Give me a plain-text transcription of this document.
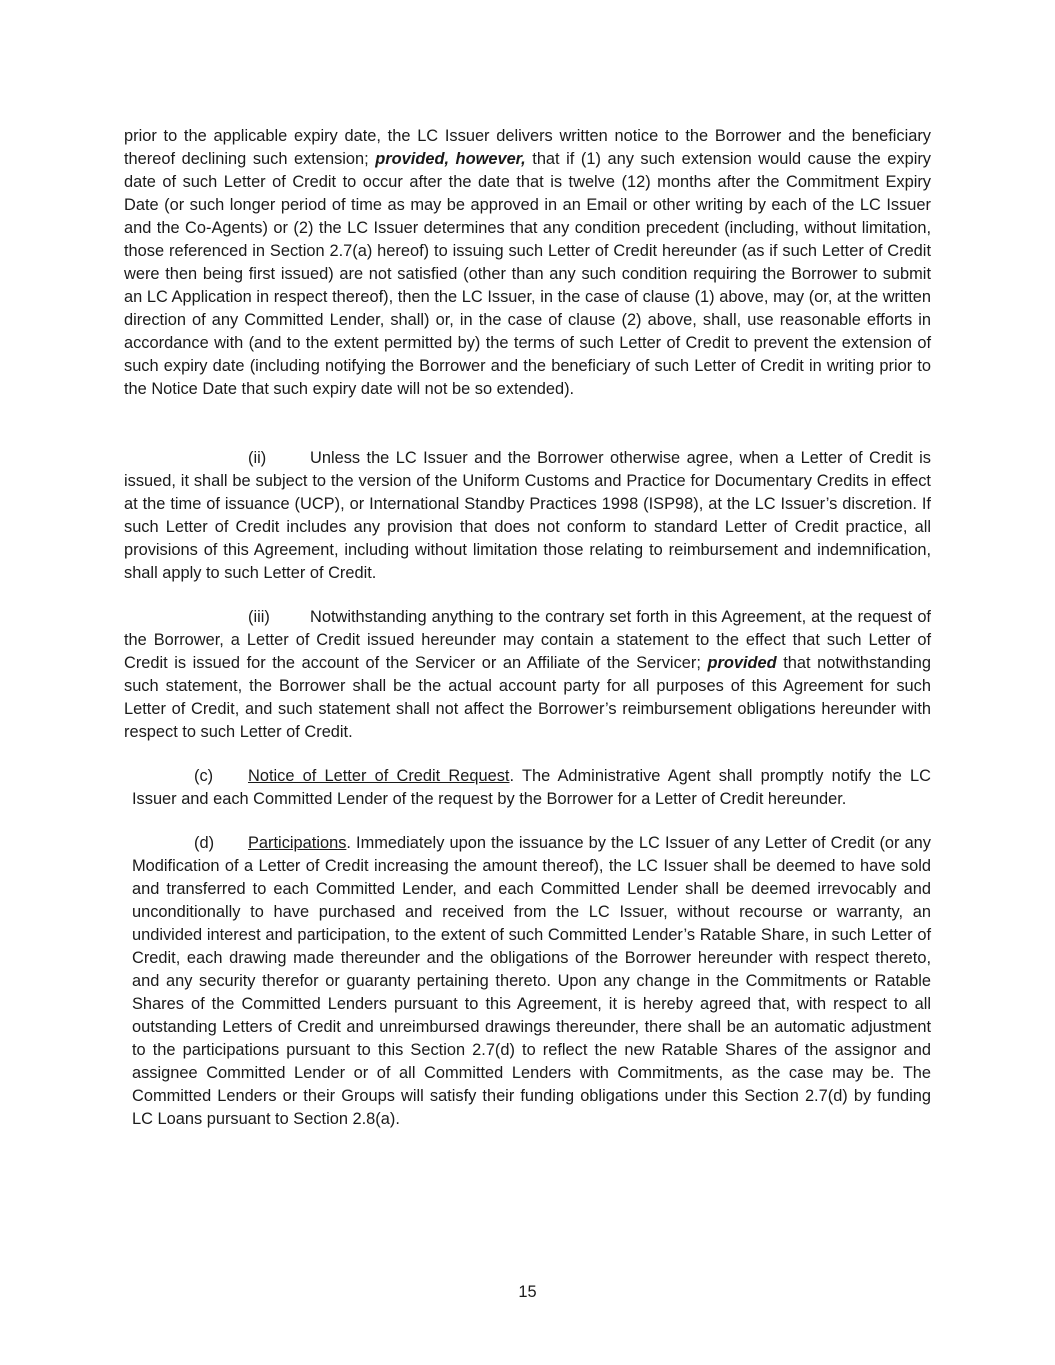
prior to the applicable expiry date, the LC Issuer delivers written notice to the Borrower and the beneficiary thereof declining such extension; provided, however, that if (1) any such extension would cause the expiry date of such Letter of Credit to occur after the date that is twelve (12) months after the Commitment Expiry Date (or such longer period of time as may be approved in an Email or other writing by each of the LC Issuer and the Co-Agents) or (2) the LC Issuer determines that any condition precedent (including, without limitation, those referenced in Section 2.7(a) hereof) to issuing such Letter of Credit hereunder (as if such Letter of Credit were then being first issued) are not satisfied (other than any such condition requiring the Borrower to submit an LC Application in respect thereof), then the LC Issuer, in the case of clause (1) above, may (or, at the written direction of any Committed Lender, shall) or, in the case of clause (2) above, shall, use reasonable efforts in accordance with (and to the extent permitted by) the terms of such Letter of Credit to prevent the extension of such expiry date (including notifying the Borrower and the beneficiary of such Letter of Credit in writing prior to the Notice Date that such expiry date will not be so extended).

(ii)	Unless the LC Issuer and the Borrower otherwise agree, when a Letter of Credit is issued, it shall be subject to the version of the Uniform Customs and Practice for Documentary Credits in effect at the time of issuance (UCP), or International Standby Practices 1998 (ISP98), at the LC Issuer’s discretion. If such Letter of Credit includes any provision that does not conform to standard Letter of Credit practice, all provisions of this Agreement, including without limitation those relating to reimbursement and indemnification, shall apply to such Letter of Credit.

(iii) Notwithstanding anything to the contrary set forth in this Agreement, at the request of the Borrower, a Letter of Credit issued hereunder may contain a statement to the effect that such Letter of Credit is issued for the account of the Servicer or an Affiliate of the Servicer; provided that notwithstanding such statement, the Borrower shall be the actual account party for all purposes of this Agreement for such Letter of Credit, and such statement shall not affect the Borrower’s reimbursement obligations hereunder with respect to such Letter of Credit.

(c) Notice of Letter of Credit Request. The Administrative Agent shall promptly notify the LC Issuer and each Committed Lender of the request by the Borrower for a Letter of Credit hereunder.

(d) Participations. Immediately upon the issuance by the LC Issuer of any Letter of Credit (or any Modification of a Letter of Credit increasing the amount thereof), the LC Issuer shall be deemed to have sold and transferred to each Committed Lender, and each Committed Lender shall be deemed irrevocably and unconditionally to have purchased and received from the LC Issuer, without recourse or warranty, an undivided interest and participation, to the extent of such Committed Lender’s Ratable Share, in such Letter of Credit, each drawing made thereunder and the obligations of the Borrower hereunder with respect thereto, and any security therefor or guaranty pertaining thereto. Upon any change in the Commitments or Ratable Shares of the Committed Lenders pursuant to this Agreement, it is hereby agreed that, with respect to all outstanding Letters of Credit and unreimbursed drawings thereunder, there shall be an automatic adjustment to the participations pursuant to this Section 2.7(d) to reflect the new Ratable Shares of the assignor and assignee Committed Lender or of all Committed Lenders with Commitments, as the case may be. The Committed Lenders or their Groups will satisfy their funding obligations under this Section 2.7(d) by funding LC Loans pursuant to Section 2.8(a).

15
